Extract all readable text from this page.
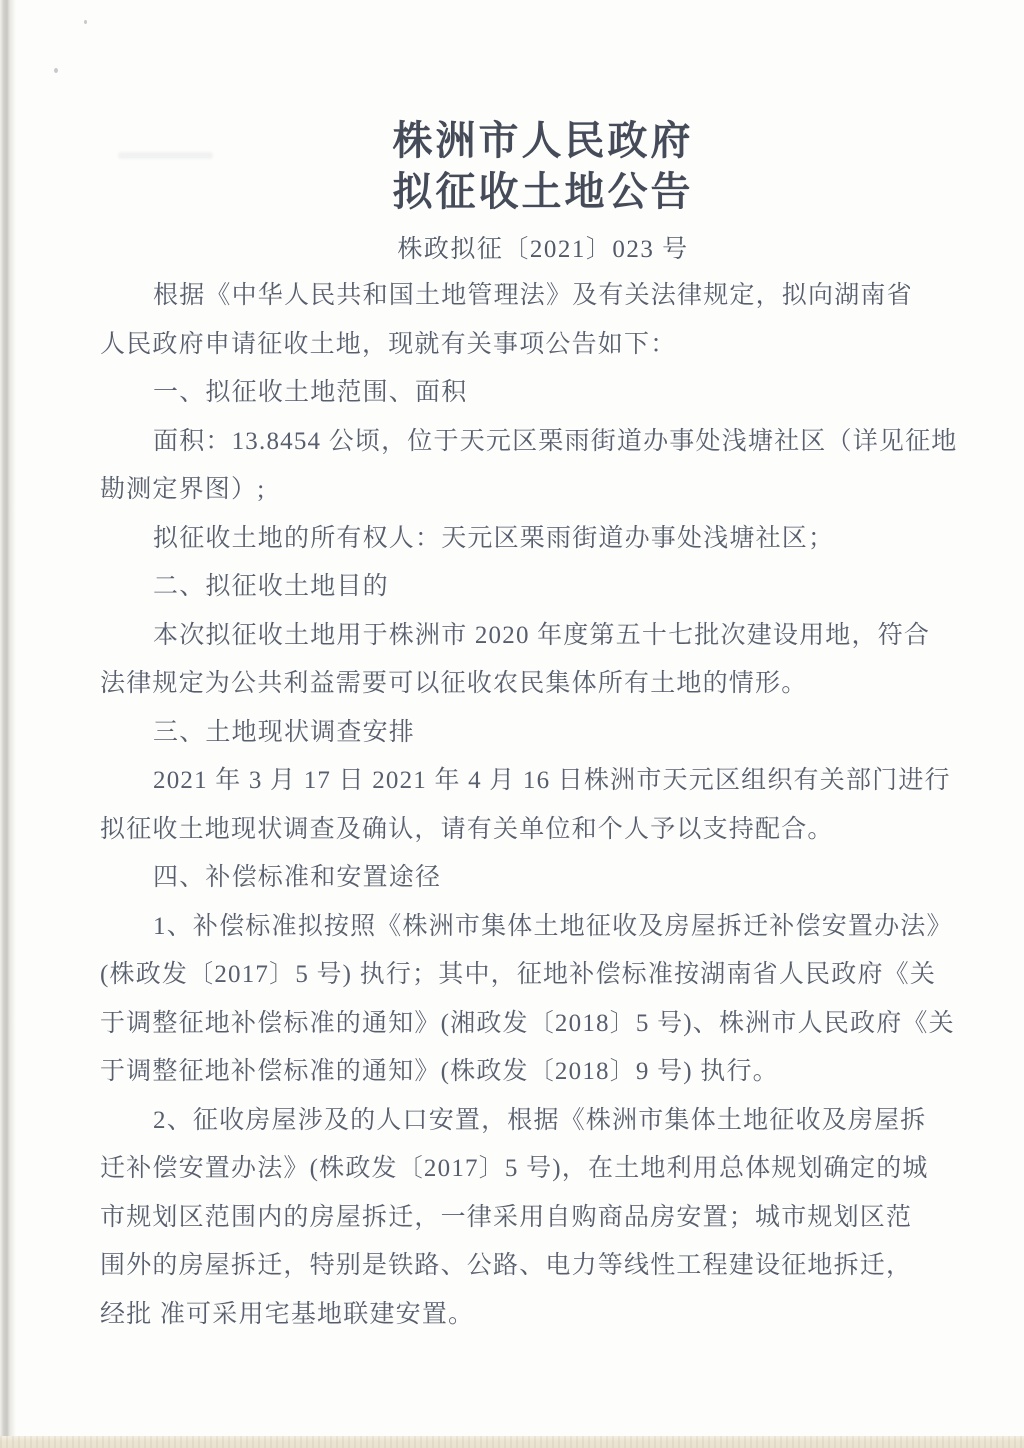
株洲市人民政府
拟征收土地公告
株政拟征〔2021〕023 号
根据《中华人民共和国土地管理法》及有关法律规定，拟向湖南省
人民政府申请征收土地，现就有关事项公告如下：
一、拟征收土地范围、面积
面积：13.8454 公顷，位于天元区栗雨街道办事处浅塘社区（详见征地
勘测定界图）;
拟征收土地的所有权人：天元区栗雨街道办事处浅塘社区；
二、拟征收土地目的
本次拟征收土地用于株洲市 2020 年度第五十七批次建设用地，符合
法律规定为公共利益需要可以征收农民集体所有土地的情形。
三、土地现状调查安排
2021 年 3 月 17 日 2021 年 4 月 16 日株洲市天元区组织有关部门进行
拟征收土地现状调查及确认，请有关单位和个人予以支持配合。
四、补偿标准和安置途径
1、补偿标准拟按照《株洲市集体土地征收及房屋拆迁补偿安置办法》
(株政发〔2017〕5 号) 执行；其中，征地补偿标准按湖南省人民政府《关
于调整征地补偿标准的通知》(湘政发〔2018〕5 号)、株洲市人民政府《关
于调整征地补偿标准的通知》(株政发〔2018〕9 号) 执行。
2、征收房屋涉及的人口安置，根据《株洲市集体土地征收及房屋拆
迁补偿安置办法》(株政发〔2017〕5 号)，在土地利用总体规划确定的城
市规划区范围内的房屋拆迁，一律采用自购商品房安置；城市规划区范
围外的房屋拆迁，特别是铁路、公路、电力等线性工程建设征地拆迁，
经批 准可采用宅基地联建安置。
